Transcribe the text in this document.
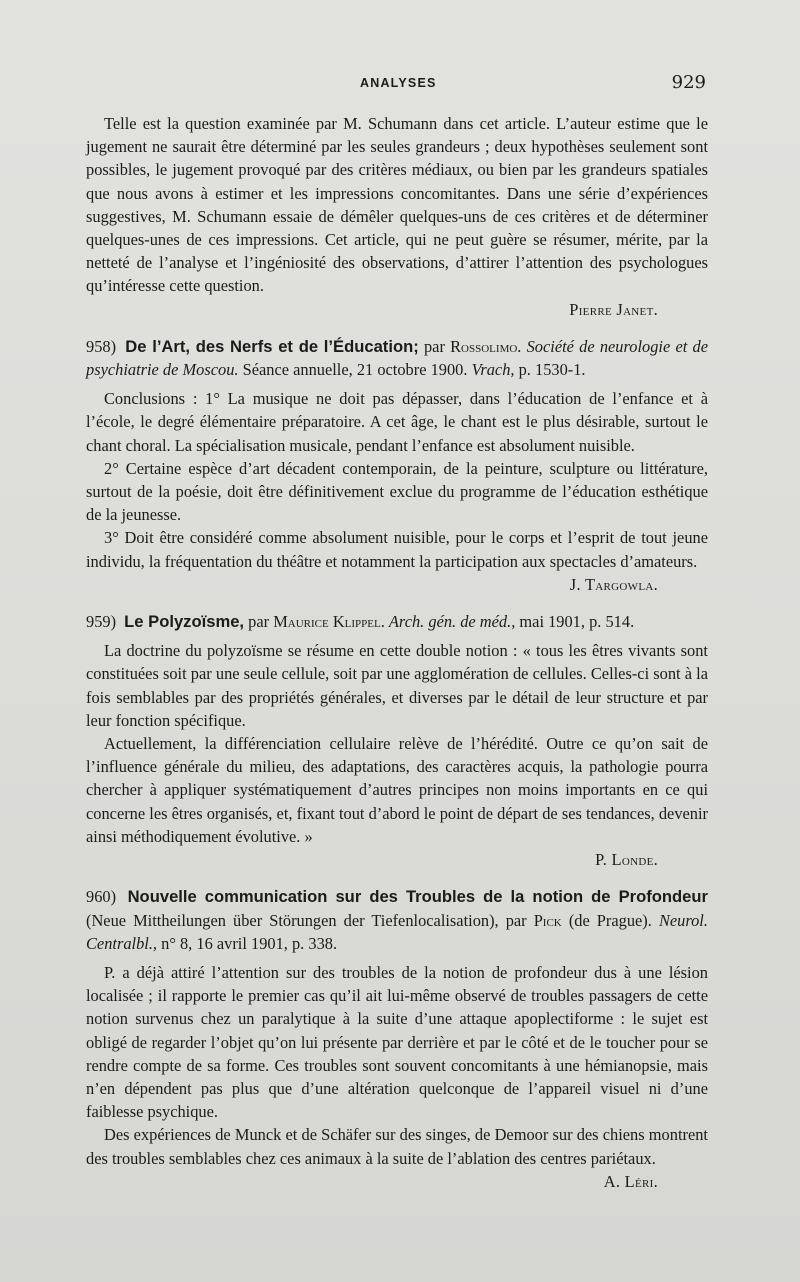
ANALYSES	929

Telle est la question examinée par M. Schumann dans cet article. L’auteur estime que le jugement ne saurait être déterminé par les seules grandeurs ; deux hypothèses seulement sont possibles, le jugement provoqué par des critères médiaux, ou bien par les grandeurs spatiales que nous avons à estimer et les impressions concomitantes. Dans une série d’expériences suggestives, M. Schumann essaie de démêler quelques-uns de ces critères et de déterminer quelques-unes de ces impressions. Cet article, qui ne peut guère se résumer, mérite, par la netteté de l’analyse et l’ingéniosité des observations, d’attirer l’attention des psychologues qu’intéresse cette question.

Pierre Janet.

958) De l’Art, des Nerfs et de l’Éducation; par Rossolimo. Société de neurologie et de psychiatrie de Moscou. Séance annuelle, 21 octobre 1900. Vrach, p. 1530-1.

Conclusions : 1° La musique ne doit pas dépasser, dans l’éducation de l’enfance et à l’école, le degré élémentaire préparatoire. A cet âge, le chant est le plus désirable, surtout le chant choral. La spécialisation musicale, pendant l’enfance est absolument nuisible.

2° Certaine espèce d’art décadent contemporain, de la peinture, sculpture ou littérature, surtout de la poésie, doit être définitivement exclue du programme de l’éducation esthétique de la jeunesse.

3° Doit être considéré comme absolument nuisible, pour le corps et l’esprit de tout jeune individu, la fréquentation du théâtre et notamment la participation aux spectacles d’amateurs.

J. Targowla.

959) Le Polyzoïsme, par Maurice Klippel. Arch. gén. de méd., mai 1901, p. 514.

La doctrine du polyzoïsme se résume en cette double notion : « tous les êtres vivants sont constituées soit par une seule cellule, soit par une agglomération de cellules. Celles-ci sont à la fois semblables par des propriétés générales, et diverses par le détail de leur structure et par leur fonction spécifique.

Actuellement, la différenciation cellulaire relève de l’hérédité. Outre ce qu’on sait de l’influence générale du milieu, des adaptations, des caractères acquis, la pathologie pourra chercher à appliquer systématiquement d’autres principes non moins importants en ce qui concerne les êtres organisés, et, fixant tout d’abord le point de départ de ses tendances, devenir ainsi méthodiquement évolutive. »

P. Londe.

960) Nouvelle communication sur des Troubles de la notion de Profondeur (Neue Mittheilungen über Störungen der Tiefenlocalisation), par Pick (de Prague). Neurol. Centralbl., n° 8, 16 avril 1901, p. 338.

P. a déjà attiré l’attention sur des troubles de la notion de profondeur dus à une lésion localisée ; il rapporte le premier cas qu’il ait lui-même observé de troubles passagers de cette notion survenus chez un paralytique à la suite d’une attaque apoplectiforme : le sujet est obligé de regarder l’objet qu’on lui présente par derrière et par le côté et de le toucher pour se rendre compte de sa forme. Ces troubles sont souvent concomitants à une hémianopsie, mais n’en dépendent pas plus que d’une altération quelconque de l’appareil visuel ni d’une faiblesse psychique.

Des expériences de Munck et de Schäfer sur des singes, de Demoor sur des chiens montrent des troubles semblables chez ces animaux à la suite de l’ablation des centres pariétaux.

A. Léri.
